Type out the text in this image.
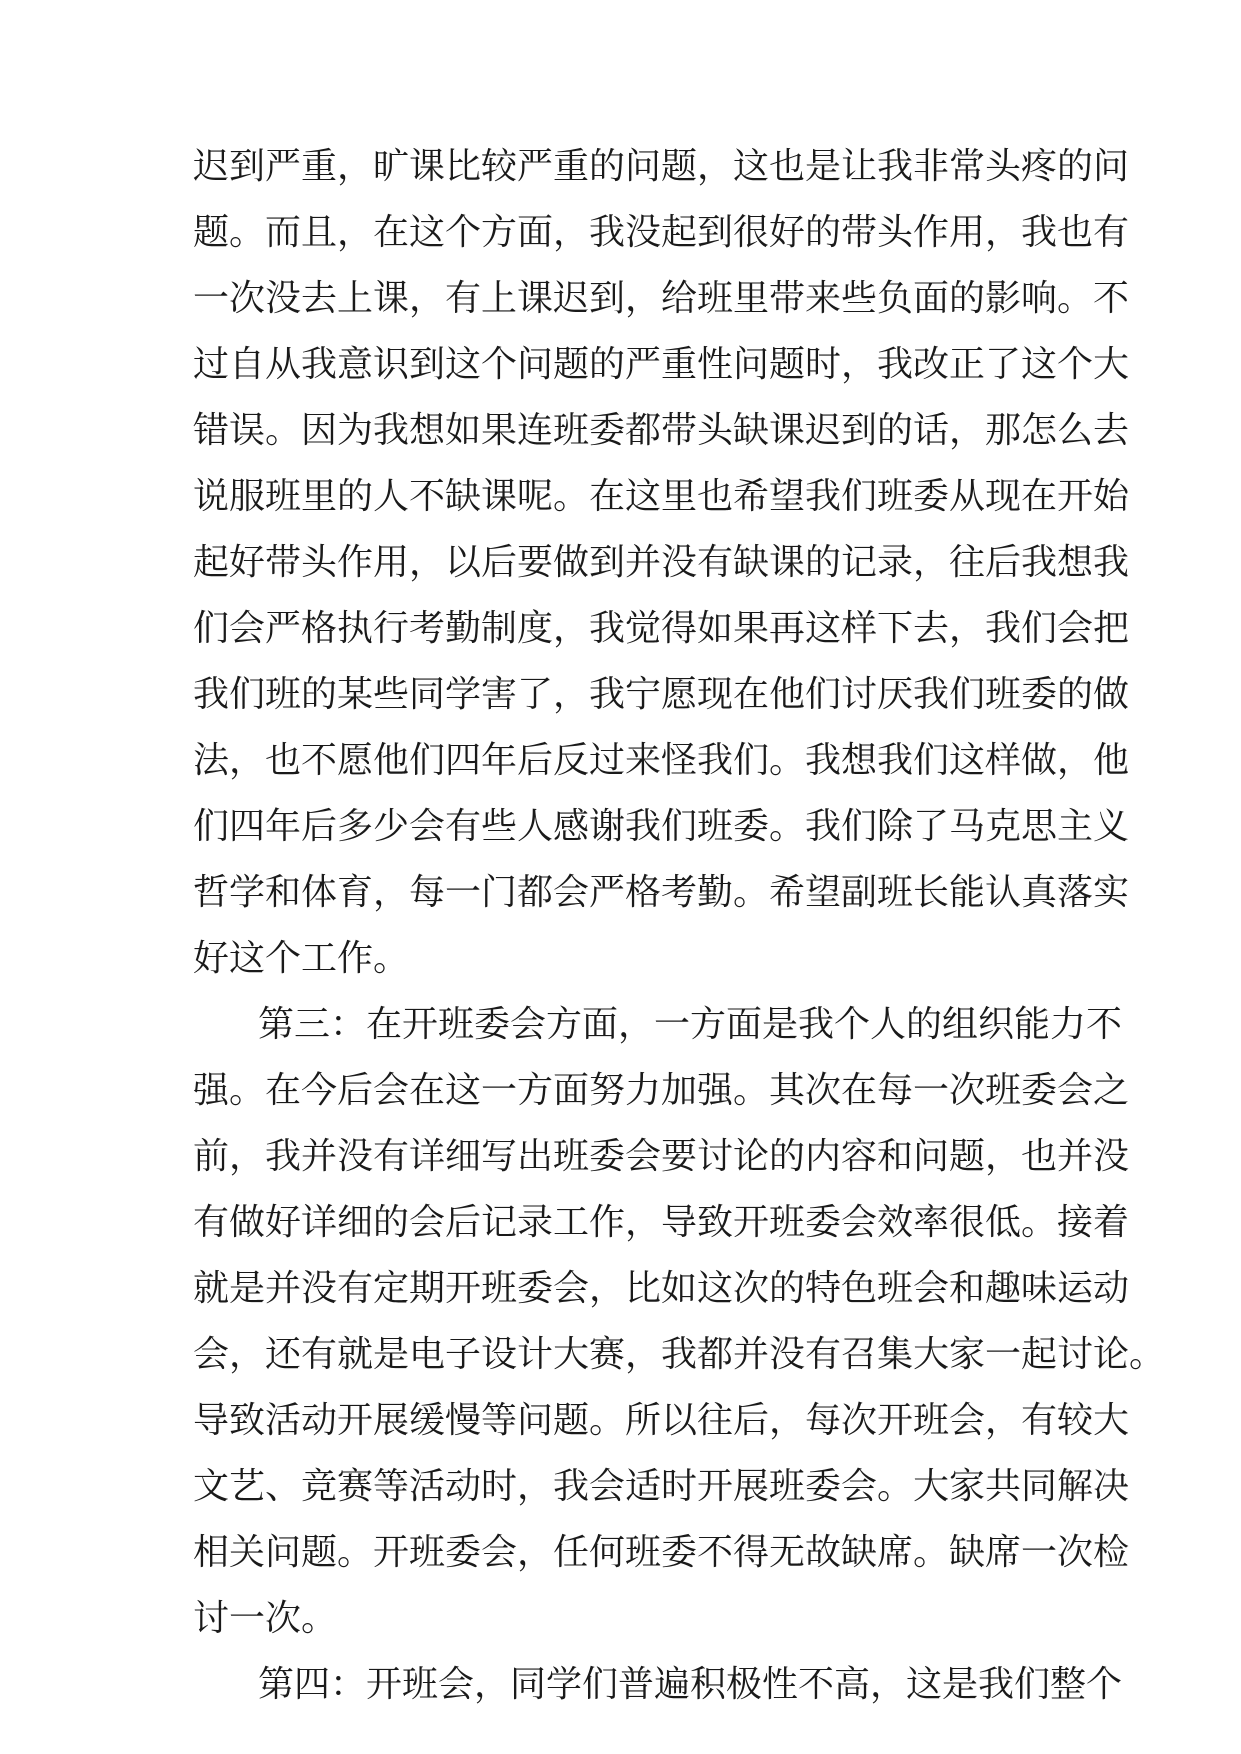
迟到严重，旷课比较严重的问题，这也是让我非常头疼的问
题。而且，在这个方面，我没起到很好的带头作用，我也有
一次没去上课，有上课迟到，给班里带来些负面的影响。不
过自从我意识到这个问题的严重性问题时，我改正了这个大
错误。因为我想如果连班委都带头缺课迟到的话，那怎么去
说服班里的人不缺课呢。在这里也希望我们班委从现在开始
起好带头作用，以后要做到并没有缺课的记录，往后我想我
们会严格执行考勤制度，我觉得如果再这样下去，我们会把
我们班的某些同学害了，我宁愿现在他们讨厌我们班委的做
法，也不愿他们四年后反过来怪我们。我想我们这样做，他
们四年后多少会有些人感谢我们班委。我们除了马克思主义
哲学和体育，每一门都会严格考勤。希望副班长能认真落实
好这个工作。
第三：在开班委会方面，一方面是我个人的组织能力不
强。在今后会在这一方面努力加强。其次在每一次班委会之
前，我并没有详细写出班委会要讨论的内容和问题，也并没
有做好详细的会后记录工作，导致开班委会效率很低。接着
就是并没有定期开班委会，比如这次的特色班会和趣味运动
会，还有就是电子设计大赛，我都并没有召集大家一起讨论。
导致活动开展缓慢等问题。所以往后，每次开班会，有较大
文艺、竞赛等活动时，我会适时开展班委会。大家共同解决
相关问题。开班委会，任何班委不得无故缺席。缺席一次检
讨一次。
第四：开班会，同学们普遍积极性不高，这是我们整个
